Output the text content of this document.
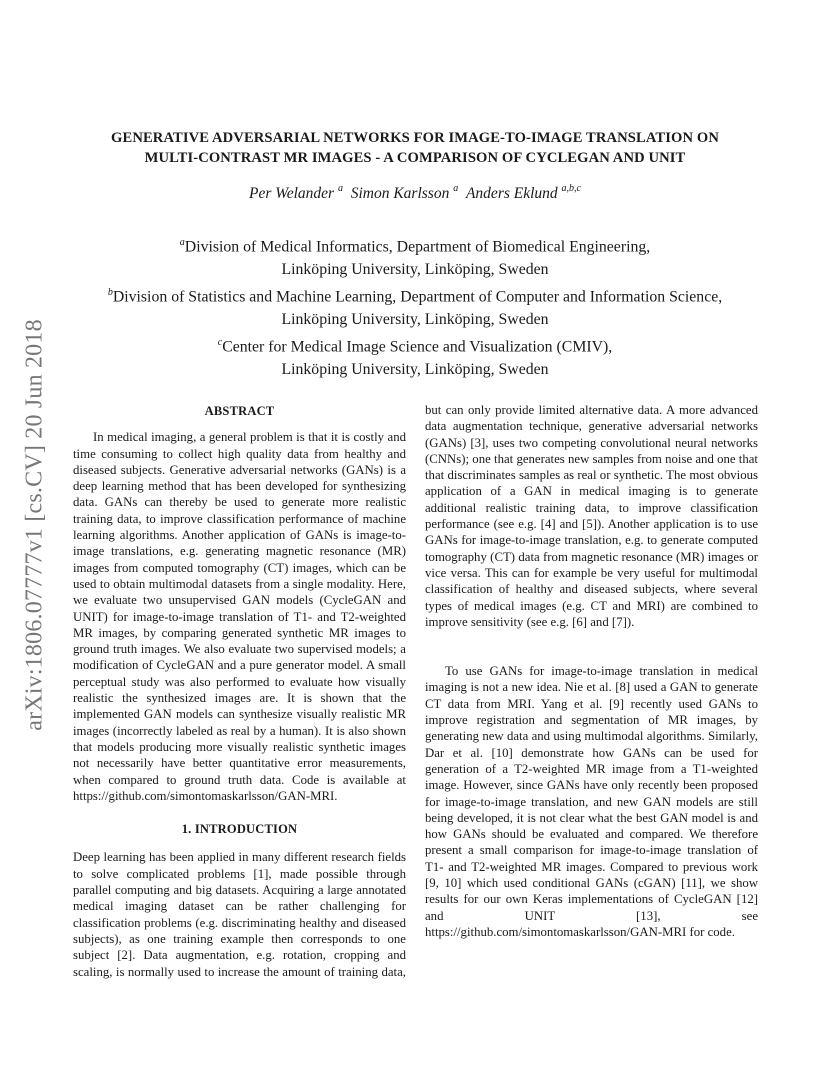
arXiv:1806.07777v1 [cs.CV] 20 Jun 2018
GENERATIVE ADVERSARIAL NETWORKS FOR IMAGE-TO-IMAGE TRANSLATION ON
MULTI-CONTRAST MR IMAGES - A COMPARISON OF CYCLEGAN AND UNIT
Per Welander $^a$ Simon Karlsson $^a$ Anders Eklund $^{a,b,c}$
$^a$Division of Medical Informatics, Department of Biomedical Engineering,
Linköping University, Linköping, Sweden
$^b$Division of Statistics and Machine Learning, Department of Computer and Information Science,
Linköping University, Linköping, Sweden
$^c$Center for Medical Image Science and Visualization (CMIV),
Linköping University, Linköping, Sweden
ABSTRACT

In medical imaging, a general problem is that it is costly and time consuming to collect high quality data from healthy and diseased subjects. Generative adversarial networks (GANs) is a deep learning method that has been developed for synthesizing data. GANs can thereby be used to generate more realistic training data, to improve classification performance of machine learning algorithms. Another application of GANs is image-to-image translations, e.g. generating magnetic resonance (MR) images from computed tomography (CT) images, which can be used to obtain multimodal datasets from a single modality. Here, we evaluate two unsupervised GAN models (CycleGAN and UNIT) for image-to-image translation of T1- and T2-weighted MR images, by comparing generated synthetic MR images to ground truth images. We also evaluate two supervised models; a modification of CycleGAN and a pure generator model. A small perceptual study was also performed to evaluate how visually realistic the synthesized images are. It is shown that the implemented GAN models can synthesize visually realistic MR images (incorrectly labeled as real by a human). It is also shown that models producing more visually realistic synthetic images not necessarily have better quantitative error measurements, when compared to ground truth data. Code is available at https://github.com/simontomaskarlsson/GAN-MRI.

1. INTRODUCTION

Deep learning has been applied in many different research fields to solve complicated problems [1], made possible through parallel computing and big datasets. Acquiring a large annotated medical imaging dataset can be rather challenging for classification problems (e.g. discriminating healthy and diseased subjects), as one training example then corresponds to one subject [2]. Data augmentation, e.g. rotation, cropping and scaling, is normally used to increase the amount of training data,

but can only provide limited alternative data. A more advanced data augmentation technique, generative adversarial networks (GANs) [3], uses two competing convolutional neural networks (CNNs); one that generates new samples from noise and one that that discriminates samples as real or synthetic. The most obvious application of a GAN in medical imaging is to generate additional realistic training data, to improve classification performance (see e.g. [4] and [5]). Another application is to use GANs for image-to-image translation, e.g. to generate computed tomography (CT) data from magnetic resonance (MR) images or vice versa. This can for example be very useful for multimodal classification of healthy and diseased subjects, where several types of medical images (e.g. CT and MRI) are combined to improve sensitivity (see e.g. [6] and [7]).

To use GANs for image-to-image translation in medical imaging is not a new idea. Nie et al. [8] used a GAN to generate CT data from MRI. Yang et al. [9] recently used GANs to improve registration and segmentation of MR images, by generating new data and using multimodal algorithms. Similarly, Dar et al. [10] demonstrate how GANs can be used for generation of a T2-weighted MR image from a T1-weighted image. However, since GANs have only recently been proposed for image-to-image translation, and new GAN models are still being developed, it is not clear what the best GAN model is and how GANs should be evaluated and compared. We therefore present a small comparison for image-to-image translation of T1- and T2-weighted MR images. Compared to previous work [9, 10] which used conditional GANs (cGAN) [11], we show results for our own Keras implementations of CycleGAN [12] and UNIT [13], see https://github.com/simontomaskarlsson/GAN-MRI for code.
